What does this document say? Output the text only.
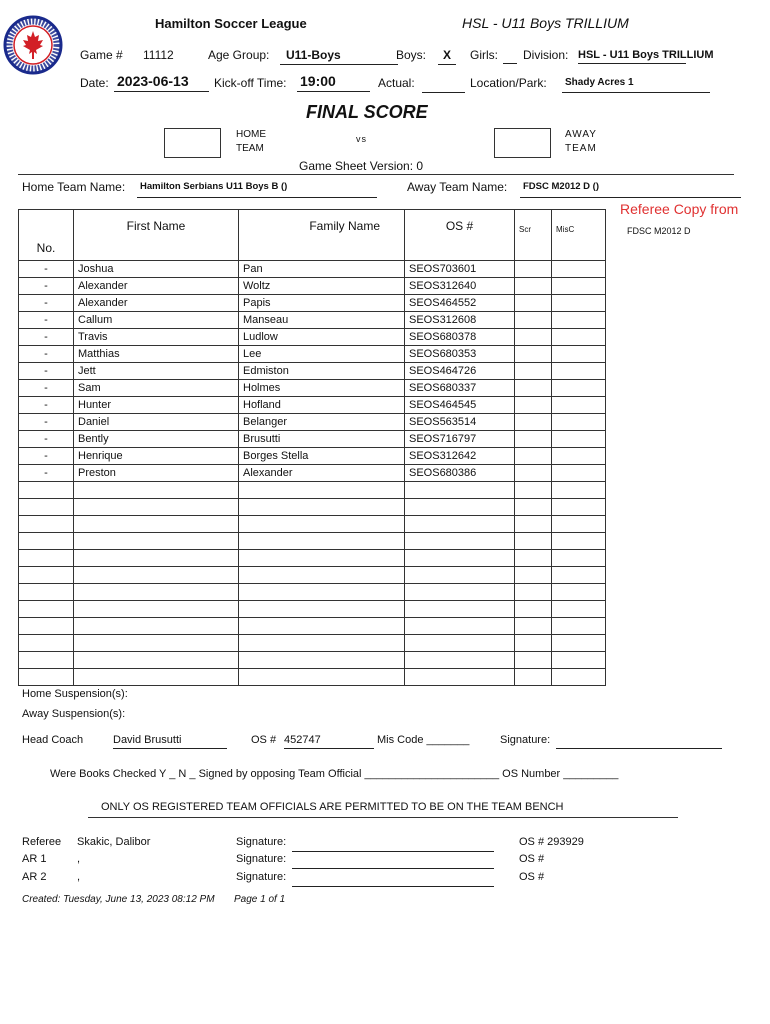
Hamilton Soccer League	HSL - U11 Boys TRILLIUM
Game # 11112	Age Group:	U11-Boys	Boys:	X	Girls: Division: HSL - U11 Boys TRILLIUM
Date: 2023-06-13	Kick-off Time: 19:00	Actual:	Location/Park:	Shady Acres 1
FINAL SCORE
HOME TEAM
vs	AWAY TEAM
Game Sheet Version: 0
Home Team Name:	Hamilton Serbians U11 Boys B ()	Away Team Name:	FDSC M2012 D ()
Referee Copy from
FDSC M2012 D
No.	First Name	Family Name	OS #	Scr	MisC
-	Joshua	Pan	SEOS703601		
-	Alexander	Woltz	SEOS312640		
-	Alexander	Papis	SEOS464552		
-	Callum	Manseau	SEOS312608		
-	Travis	Ludlow	SEOS680378		
-	Matthias	Lee	SEOS680353		
-	Jett	Edmiston	SEOS464726		
-	Sam	Holmes	SEOS680337		
-	Hunter	Hofland	SEOS464545		
-	Daniel	Belanger	SEOS563514		
-	Bently	Brusutti	SEOS716797		
-	Henrique	Borges Stella	SEOS312642		
-	Preston	Alexander	SEOS680386		

Home Suspension(s):
Away Suspension(s):
Head Coach	David Brusutti	OS # 452747	Mis Code _______	Signature:
Were Books Checked Y _ N _ Signed by opposing Team Official ______________________ OS Number _________
ONLY OS REGISTERED TEAM OFFICIALS ARE PERMITTED TO BE ON THE TEAM BENCH
Referee Skakic, Dalibor	Signature:	OS # 293929
AR 1	,	Signature:	OS #
AR 2	,	Signature:	OS #
Created: Tuesday, June 13, 2023 08:12 PM Page 1 of 1
